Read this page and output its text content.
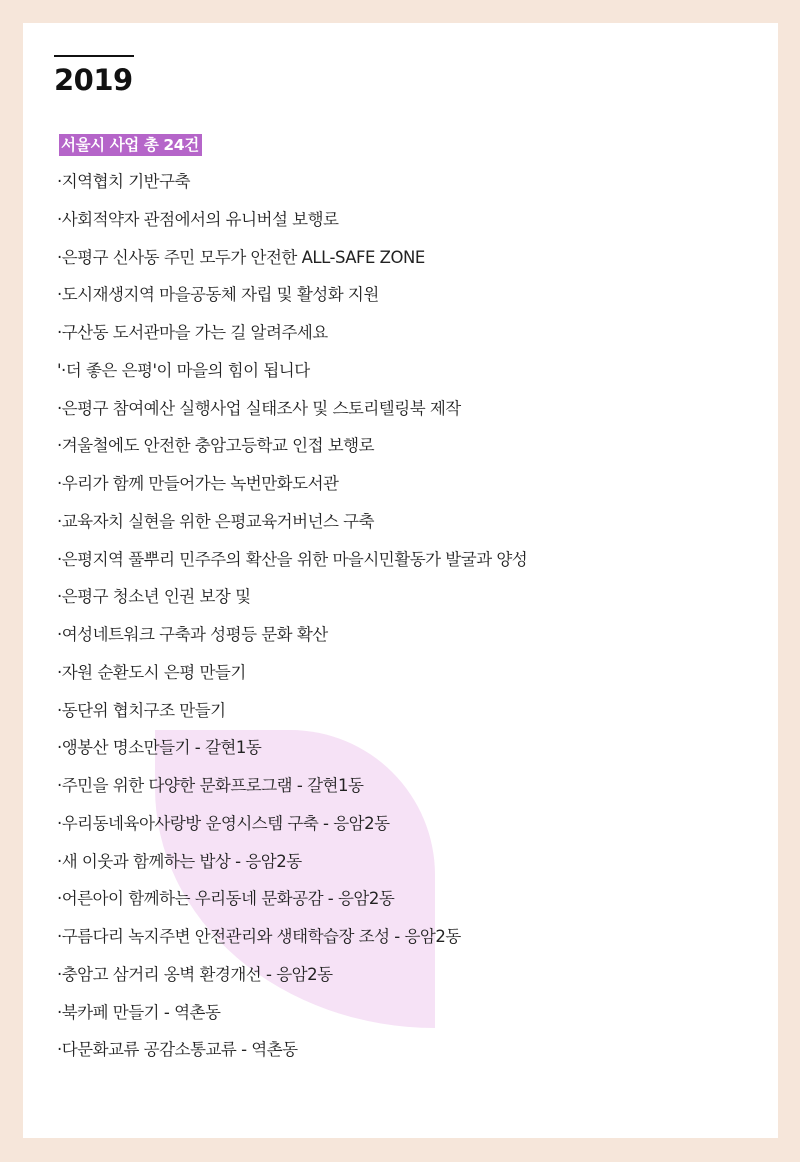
2019
서울시 사업 총 24건
·지역협치 기반구축
·사회적약자 관점에서의 유니버설 보행로
·은평구 신사동 주민 모두가 안전한 ALL-SAFE ZONE
·도시재생지역 마을공동체 자립 및 활성화 지원
·구산동 도서관마을 가는 길 알려주세요
'·더 좋은 은평'이 마을의 힘이 됩니다
·은평구 참여예산 실행사업 실태조사 및 스토리텔링북 제작
·겨울철에도 안전한 충암고등학교 인접 보행로
·우리가 함께 만들어가는 녹번만화도서관
·교육자치 실현을 위한 은평교육거버넌스 구축
·은평지역 풀뿌리 민주주의 확산을 위한 마을시민활동가 발굴과 양성
·은평구 청소년 인권 보장 및
·여성네트워크 구축과 성평등 문화 확산
·자원 순환도시 은평 만들기
·동단위 협치구조 만들기
·앵봉산 명소만들기 - 갈현1동
·주민을 위한 다양한 문화프로그램 - 갈현1동
·우리동네육아사랑방 운영시스템 구축 - 응암2동
·새 이웃과 함께하는 밥상 - 응암2동
·어른아이 함께하는 우리동네 문화공감 - 응암2동
·구름다리 녹지주변 안전관리와 생태학습장 조성 - 응암2동
·충암고 삼거리 옹벽 환경개선 - 응암2동
·북카페 만들기 - 역촌동
·다문화교류 공감소통교류 - 역촌동
